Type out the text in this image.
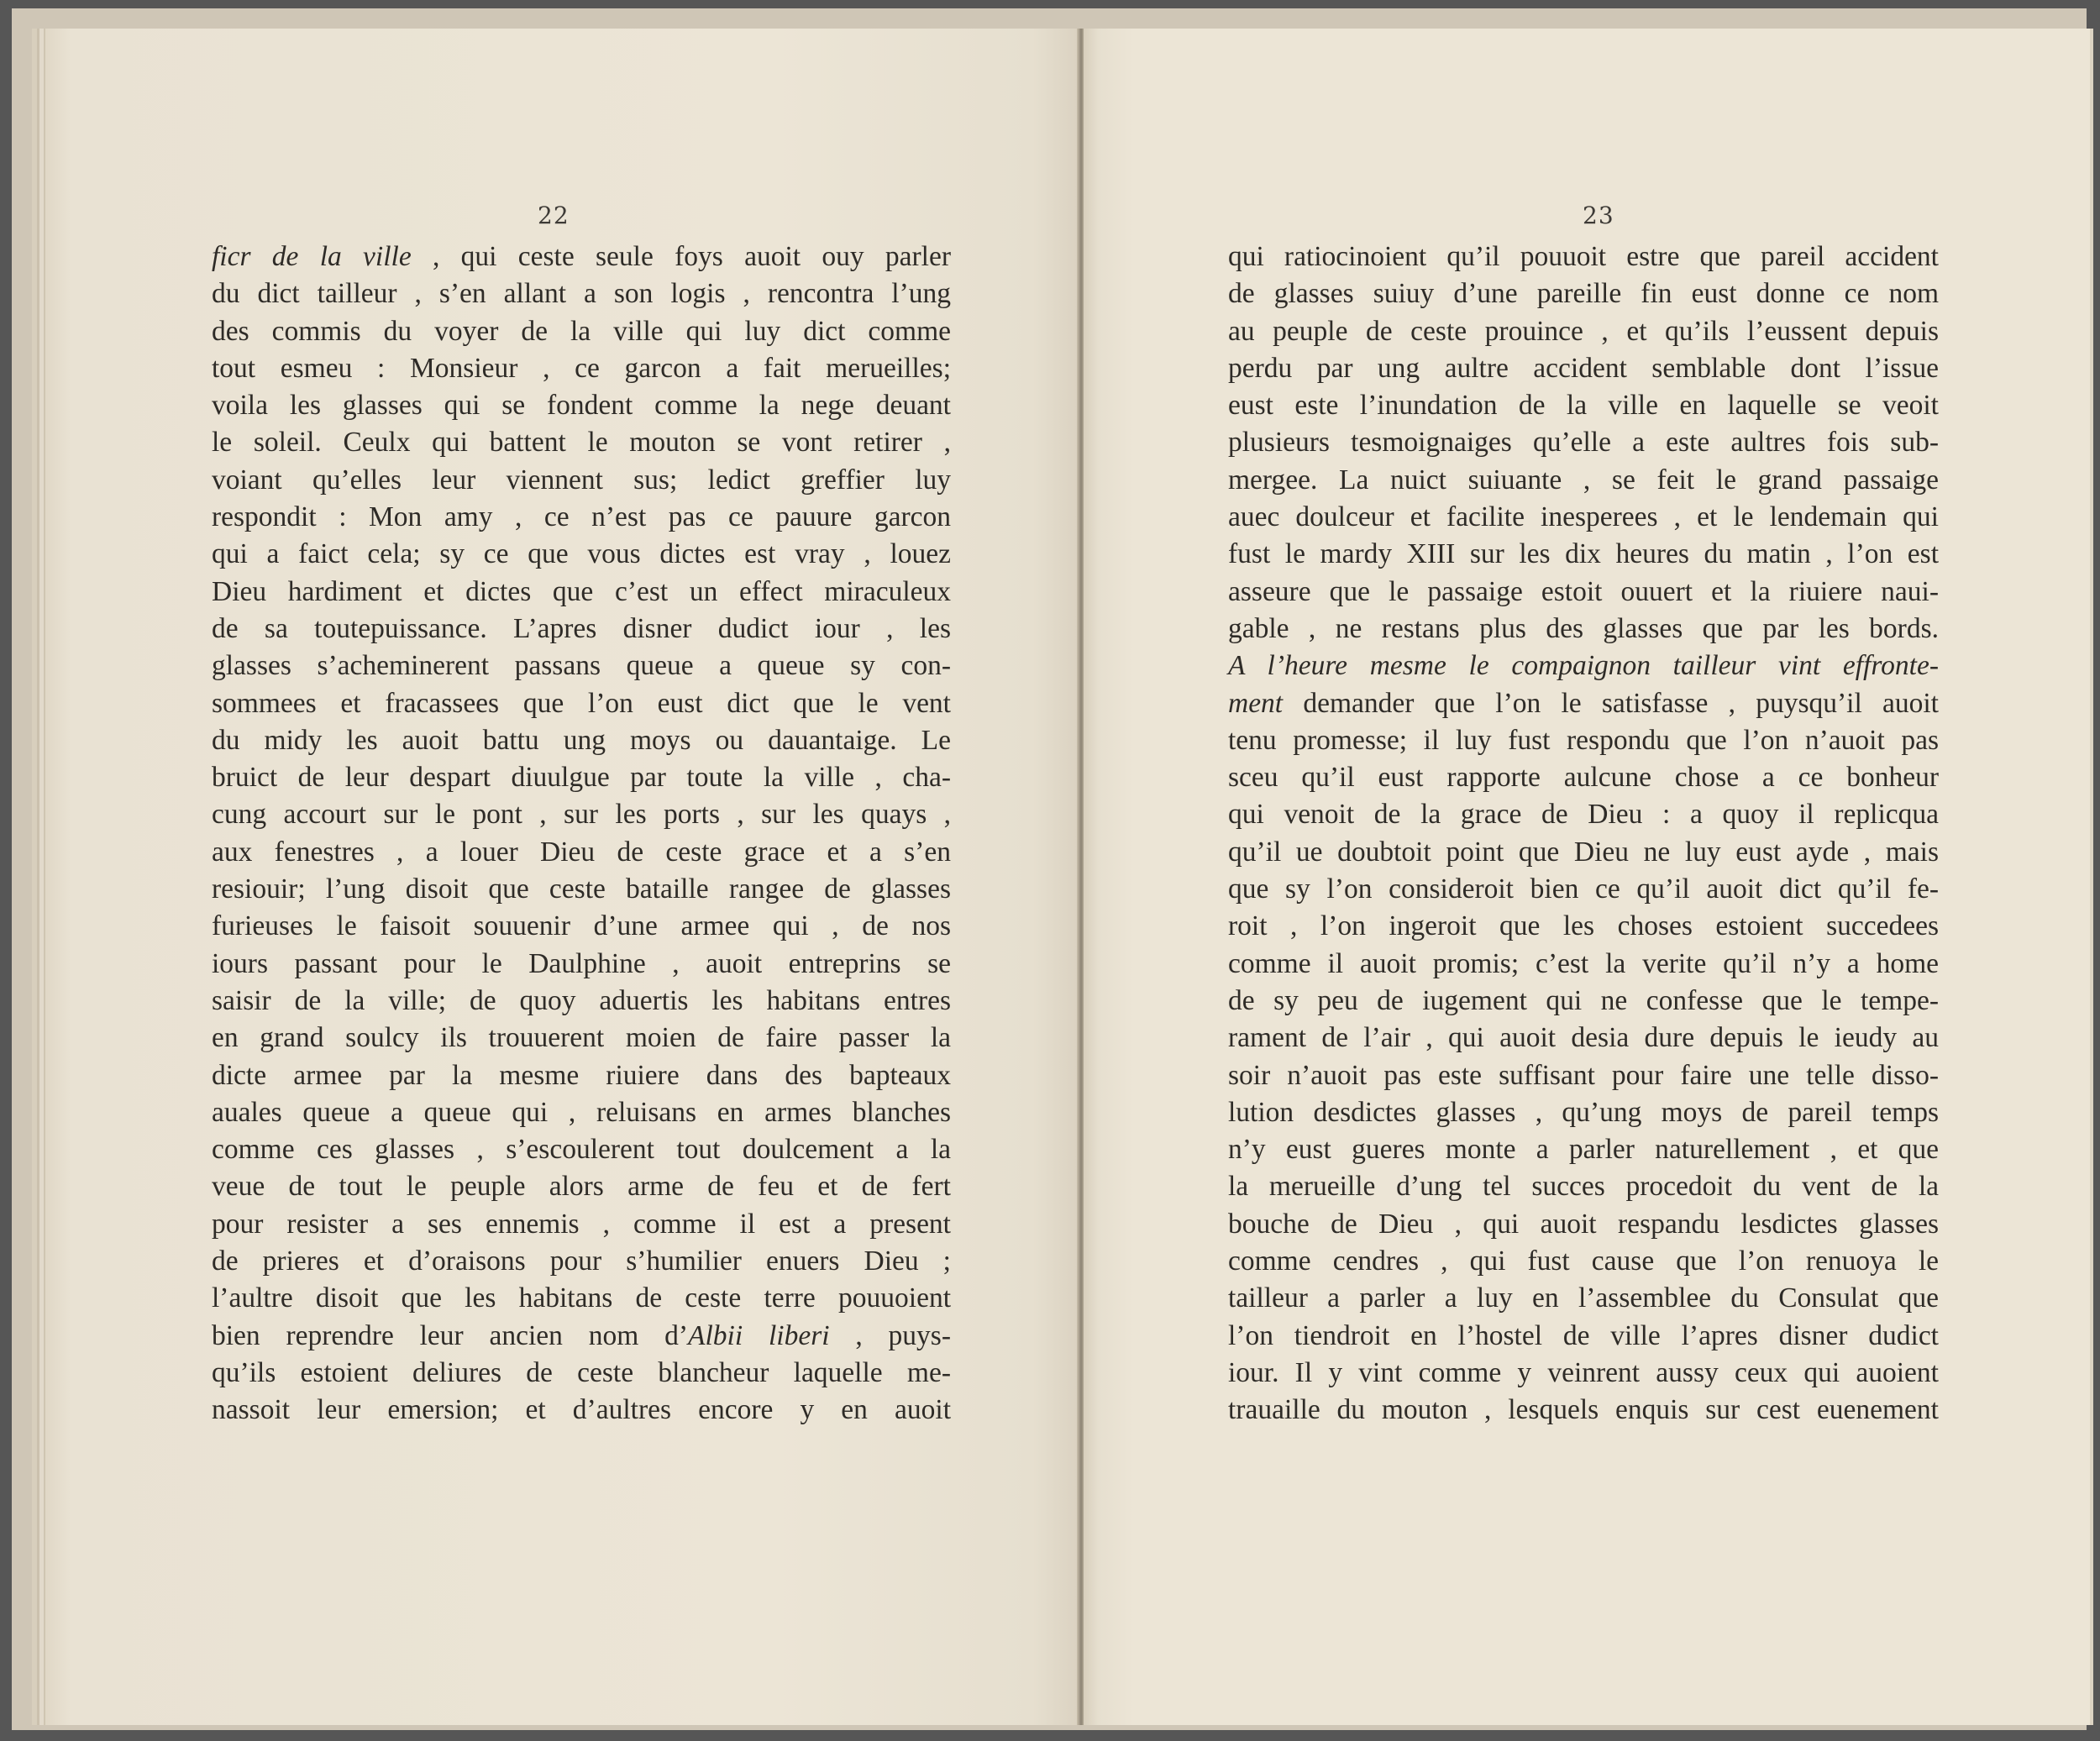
22
ficr de la ville , qui ceste seule foys auoit ouy parler
du dict tailleur , s’en allant a son logis , rencontra l’ung
des commis du voyer de la ville qui luy dict comme
tout esmeu : Monsieur , ce garcon a fait merueilles;
voila les glasses qui se fondent comme la nege deuant
le soleil. Ceulx qui battent le mouton se vont retirer ,
voiant qu’elles leur viennent sus; ledict greffier luy
respondit : Mon amy , ce n’est pas ce pauure garcon
qui a faict cela; sy ce que vous dictes est vray , louez
Dieu hardiment et dictes que c’est un effect miraculeux
de sa toutepuissance. L’apres disner dudict iour , les
glasses s’acheminerent passans queue a queue sy con-
sommees et fracassees que l’on eust dict que le vent
du midy les auoit battu ung moys ou dauantaige. Le
bruict de leur despart diuulgue par toute la ville , cha-
cung accourt sur le pont , sur les ports , sur les quays ,
aux fenestres , a louer Dieu de ceste grace et a s’en
resiouir; l’ung disoit que ceste bataille rangee de glasses
furieuses le faisoit souuenir d’une armee qui , de nos
iours passant pour le Daulphine , auoit entreprins se
saisir de la ville; de quoy aduertis les habitans entres
en grand soulcy ils trouuerent moien de faire passer la
dicte armee par la mesme riuiere dans des bapteaux
auales queue a queue qui , reluisans en armes blanches
comme ces glasses , s’escoulerent tout doulcement a la
veue de tout le peuple alors arme de feu et de fert
pour resister a ses ennemis , comme il est a present
de prieres et d’oraisons pour s’humilier enuers Dieu ;
l’aultre disoit que les habitans de ceste terre pouuoient
bien reprendre leur ancien nom d’Albii liberi , puys-
qu’ils estoient deliures de ceste blancheur laquelle me-
nassoit leur emersion; et d’aultres encore y en auoit
23
qui ratiocinoient qu’il pouuoit estre que pareil accident
de glasses suiuy d’une pareille fin eust donne ce nom
au peuple de ceste prouince , et qu’ils l’eussent depuis
perdu par ung aultre accident semblable dont l’issue
eust este l’inundation de la ville en laquelle se veoit
plusieurs tesmoignaiges qu’elle a este aultres fois sub-
mergee. La nuict suiuante , se feit le grand passaige
auec doulceur et facilite inesperees , et le lendemain qui
fust le mardy XIII sur les dix heures du matin , l’on est
asseure que le passaige estoit ouuert et la riuiere naui-
gable , ne restans plus des glasses que par les bords.
A l’heure mesme le compaignon tailleur vint effronte-
ment demander que l’on le satisfasse , puysqu’il auoit
tenu promesse; il luy fust respondu que l’on n’auoit pas
sceu qu’il eust rapporte aulcune chose a ce bonheur
qui venoit de la grace de Dieu : a quoy il replicqua
qu’il ue doubtoit point que Dieu ne luy eust ayde , mais
que sy l’on consideroit bien ce qu’il auoit dict qu’il fe-
roit , l’on ingeroit que les choses estoient succedees
comme il auoit promis; c’est la verite qu’il n’y a home
de sy peu de iugement qui ne confesse que le tempe-
rament de l’air , qui auoit desia dure depuis le ieudy au
soir n’auoit pas este suffisant pour faire une telle disso-
lution desdictes glasses , qu’ung moys de pareil temps
n’y eust gueres monte a parler naturellement , et que
la merueille d’ung tel succes procedoit du vent de la
bouche de Dieu , qui auoit respandu lesdictes glasses
comme cendres , qui fust cause que l’on renuoya le
tailleur a parler a luy en l’assemblee du Consulat que
l’on tiendroit en l’hostel de ville l’apres disner dudict
iour. Il y vint comme y veinrent aussy ceux qui auoient
trauaille du mouton , lesquels enquis sur cest euenement
